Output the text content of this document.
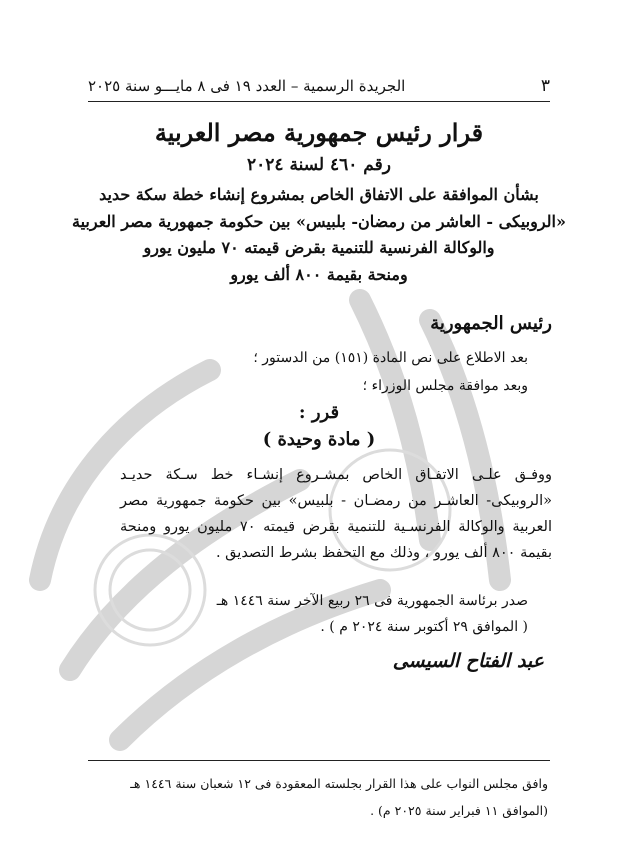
٣
الجريدة الرسمية – العدد ١٩ فى ٨ مايـــو سنة ٢٠٢٥
قرار رئيس جمهورية مصر العربية
رقم ٤٦٠ لسنة ٢٠٢٤
بشأن الموافقة على الاتفاق الخاص بمشروع إنشاء خطة سكة حديد
«الروبيكى - العاشر من رمضان- بلبيس» بين حكومة جمهورية مصر العربية
والوكالة الفرنسية للتنمية بقرض قيمته ٧٠ مليون يورو
ومنحة بقيمة ٨٠٠ ألف يورو
رئيس الجمهورية
بعد الاطلاع على نص المادة (١٥١) من الدستور ؛
وبعد موافقة مجلس الوزراء ؛
قرر :
( مادة وحيدة )
ووفـق علـى الاتفـاق الخاص بمشـروع إنشـاء خط سـكة حديـد «الروبيكى- العاشـر من رمضـان - بلبيس» بين حكومة جمهورية مصر العربية والوكالة الفرنسـية للتنمية بقرض قيمته ٧٠ مليون يورو ومنحة بقيمة ٨٠٠ ألف يورو ، وذلك مع التحفظ بشرط التصديق .
صدر برئاسة الجمهورية فى ٢٦ ربيع الآخر سنة ١٤٤٦ هـ
( الموافق ٢٩ أكتوبر سنة ٢٠٢٤ م ) .
عبد الفتاح السيسى
وافق مجلس النواب على هذا القرار بجلسته المعقودة فى ١٢ شعبان سنة ١٤٤٦ هـ
(الموافق ١١ فبراير سنة ٢٠٢٥ م) .
